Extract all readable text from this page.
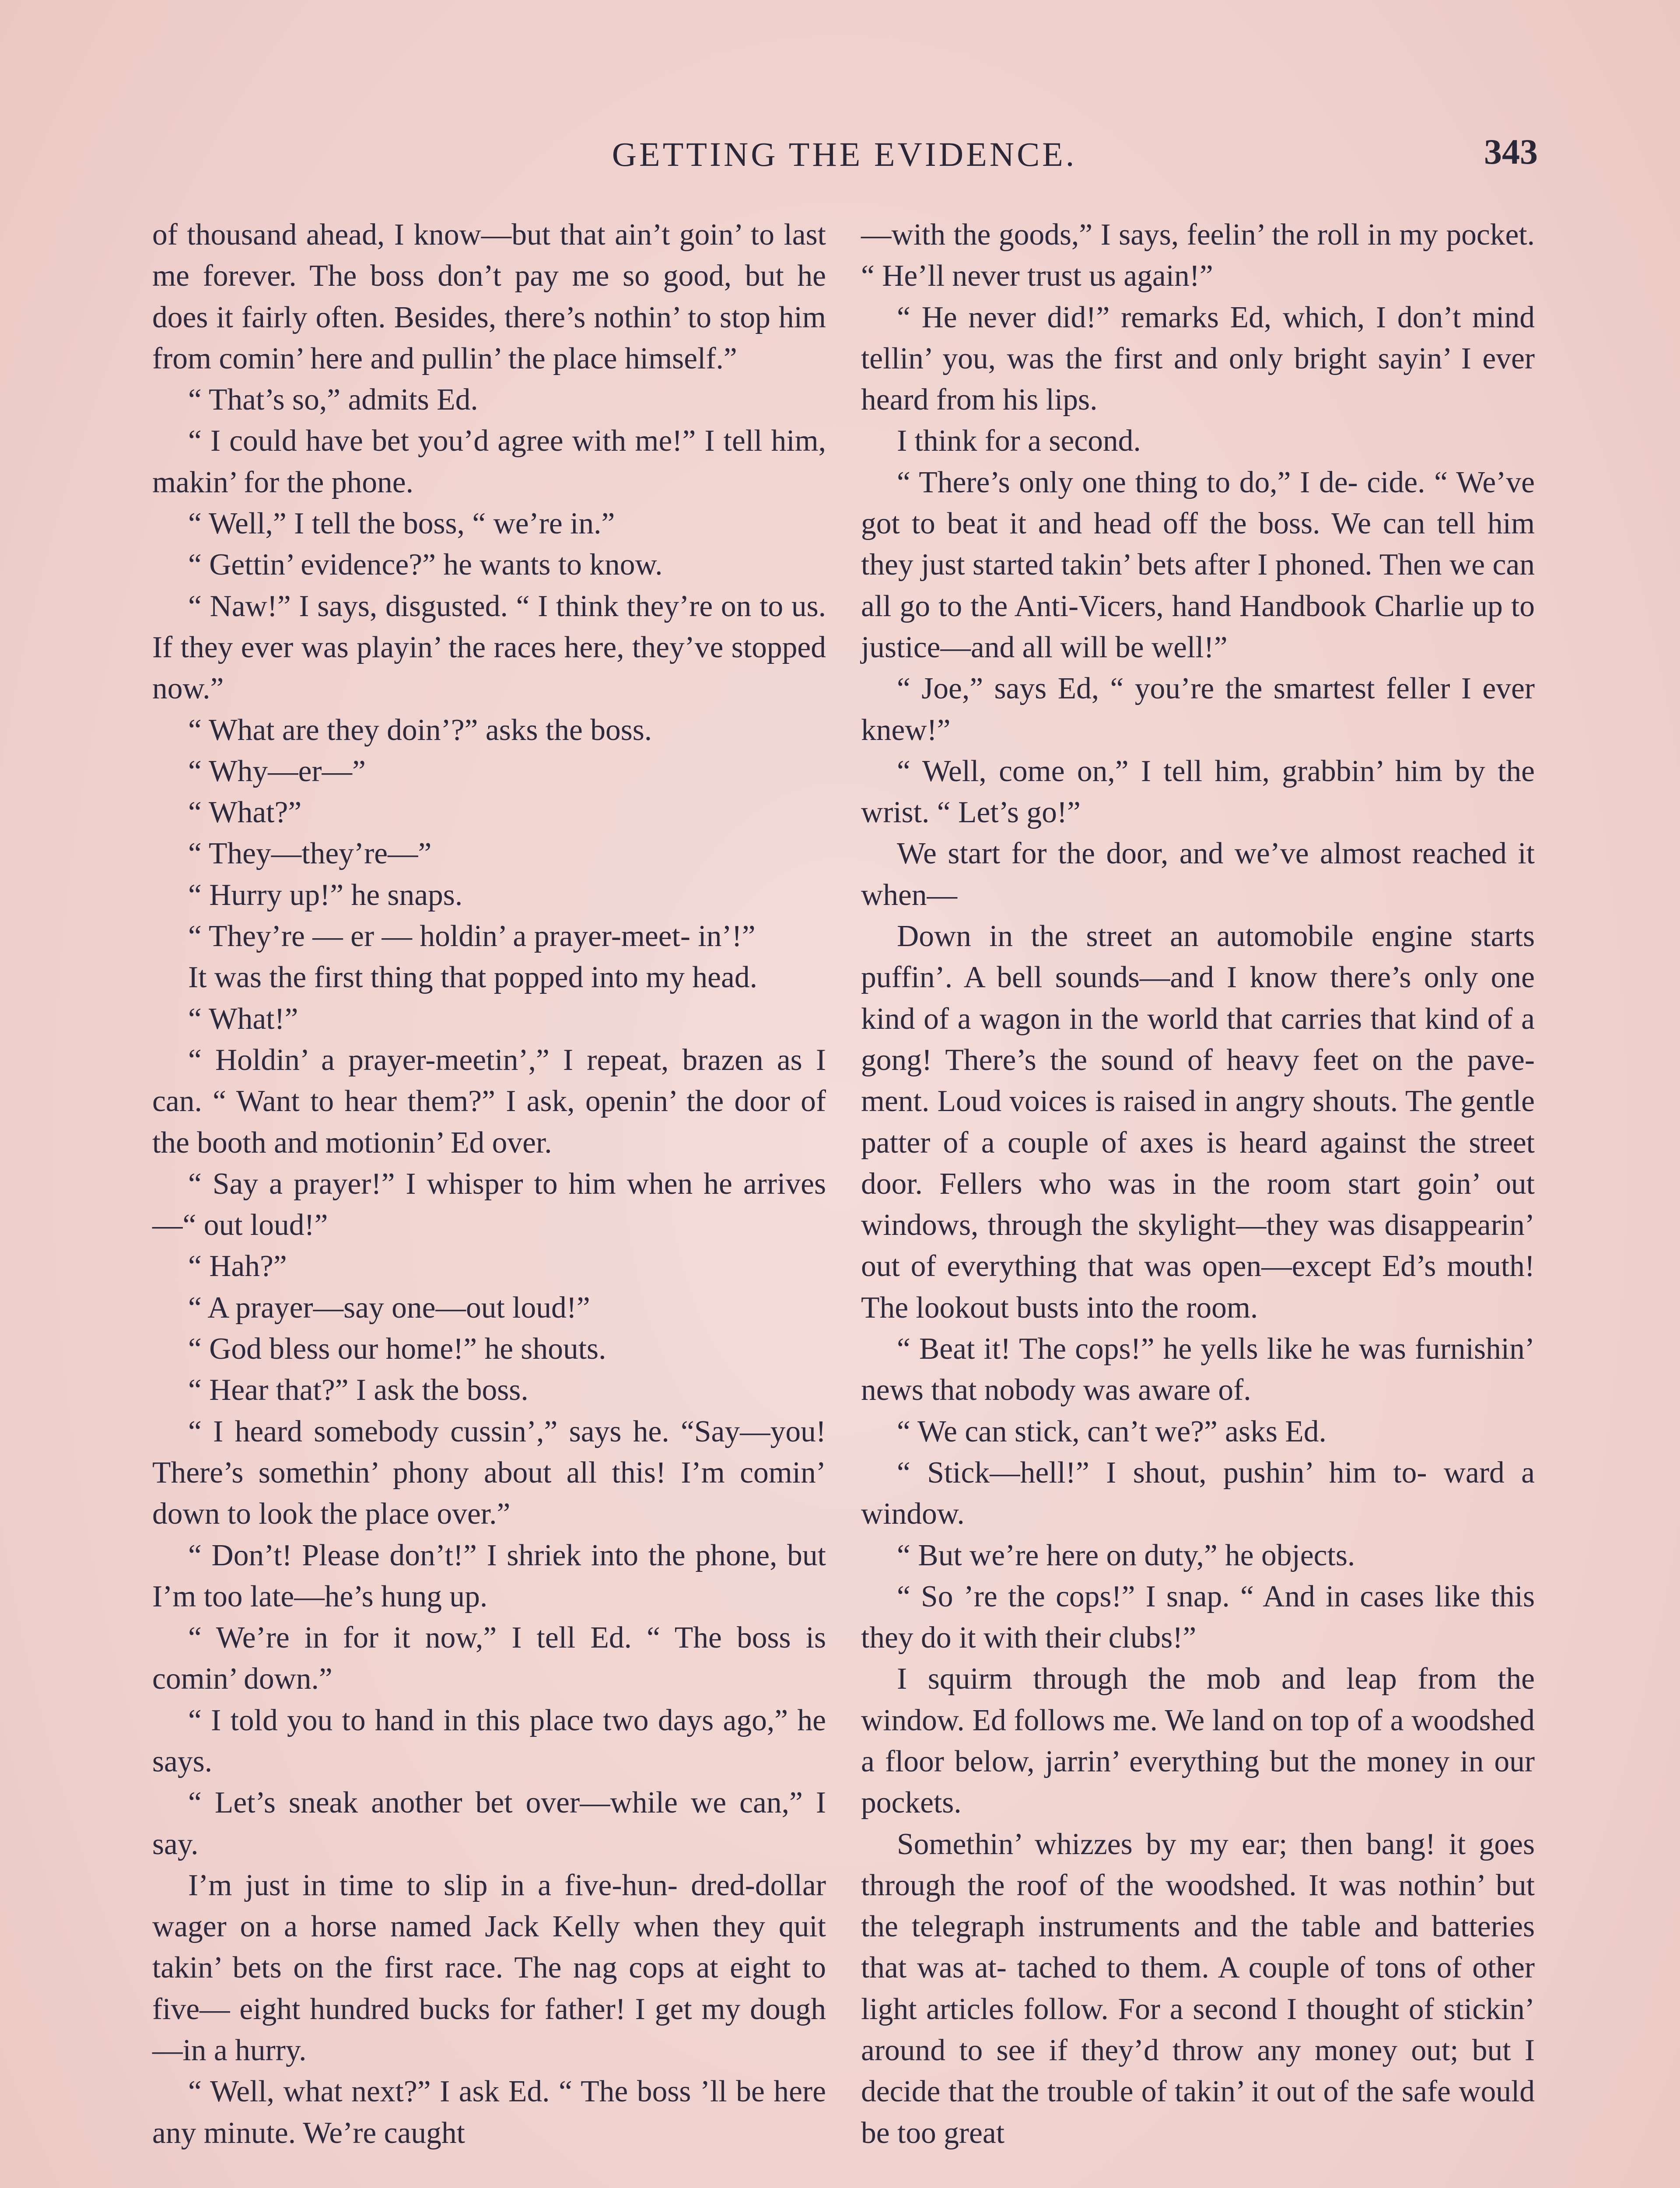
GETTING THE EVIDENCE.	343

of thousand ahead, I know—but that ain’t goin’ to last me forever. The boss don’t pay me so good, but he does it fairly often. Besides, there’s nothin’ to stop him from comin’ here and pullin’ the place himself.”

“ That’s so,” admits Ed.

“ I could have bet you’d agree with me!” I tell him, makin’ for the phone.

“ Well,” I tell the boss, “ we’re in.”

“ Gettin’ evidence?” he wants to know.

“ Naw!” I says, disgusted. “ I think they’re on to us. If they ever was playin’ the races here, they’ve stopped now.”

“ What are they doin’?” asks the boss.

“ Why—er—”

“ What?”

“ They—they’re—”

“ Hurry up!” he snaps.

“ They’re — er — holdin’ a prayer-meet- in’!”

It was the first thing that popped into my head.

“ What!”

“ Holdin’ a prayer-meetin’,” I repeat, brazen as I can. “ Want to hear them?” I ask, openin’ the door of the booth and motionin’ Ed over.

“ Say a prayer!” I whisper to him when he arrives—“ out loud!”

“ Hah?”

“ A prayer—say one—out loud!”

“ God bless our home!” he shouts.

“ Hear that?” I ask the boss.

“ I heard somebody cussin’,” says he. “Say—you! There’s somethin’ phony about all this! I’m comin’ down to look the place over.”

“ Don’t! Please don’t!” I shriek into the phone, but I’m too late—he’s hung up.

“ We’re in for it now,” I tell Ed. “ The boss is comin’ down.”

“ I told you to hand in this place two days ago,” he says.

“ Let’s sneak another bet over—while we can,” I say.

I’m just in time to slip in a five-hun- dred-dollar wager on a horse named Jack Kelly when they quit takin’ bets on the first race. The nag cops at eight to five— eight hundred bucks for father! I get my dough—in a hurry.

“ Well, what next?” I ask Ed. “ The boss ’ll be here any minute. We’re caught

—with the goods,” I says, feelin’ the roll in my pocket. “ He’ll never trust us again!”

“ He never did!” remarks Ed, which, I don’t mind tellin’ you, was the first and only bright sayin’ I ever heard from his lips.

I think for a second.

“ There’s only one thing to do,” I de- cide. “ We’ve got to beat it and head off the boss. We can tell him they just started takin’ bets after I phoned. Then we can all go to the Anti-Vicers, hand Handbook Charlie up to justice—and all will be well!”

“ Joe,” says Ed, “ you’re the smartest feller I ever knew!”

“ Well, come on,” I tell him, grabbin’ him by the wrist. “ Let’s go!”

We start for the door, and we’ve almost reached it when—

Down in the street an automobile engine starts puffin’. A bell sounds—and I know there’s only one kind of a wagon in the world that carries that kind of a gong! There’s the sound of heavy feet on the pave- ment. Loud voices is raised in angry shouts. The gentle patter of a couple of axes is heard against the street door. Fellers who was in the room start goin’ out windows, through the skylight—they was disappearin’ out of everything that was open—except Ed’s mouth! The lookout busts into the room.

“ Beat it! The cops!” he yells like he was furnishin’ news that nobody was aware of.

“ We can stick, can’t we?” asks Ed.

“ Stick—hell!” I shout, pushin’ him to- ward a window.

“ But we’re here on duty,” he objects.

“ So ’re the cops!” I snap. “ And in cases like this they do it with their clubs!”

I squirm through the mob and leap from the window. Ed follows me. We land on top of a woodshed a floor below, jarrin’ everything but the money in our pockets.

Somethin’ whizzes by my ear; then bang! it goes through the roof of the woodshed. It was nothin’ but the telegraph instruments and the table and batteries that was at- tached to them. A couple of tons of other light articles follow. For a second I thought of stickin’ around to see if they’d throw any money out; but I decide that the trouble of takin’ it out of the safe would be too great
